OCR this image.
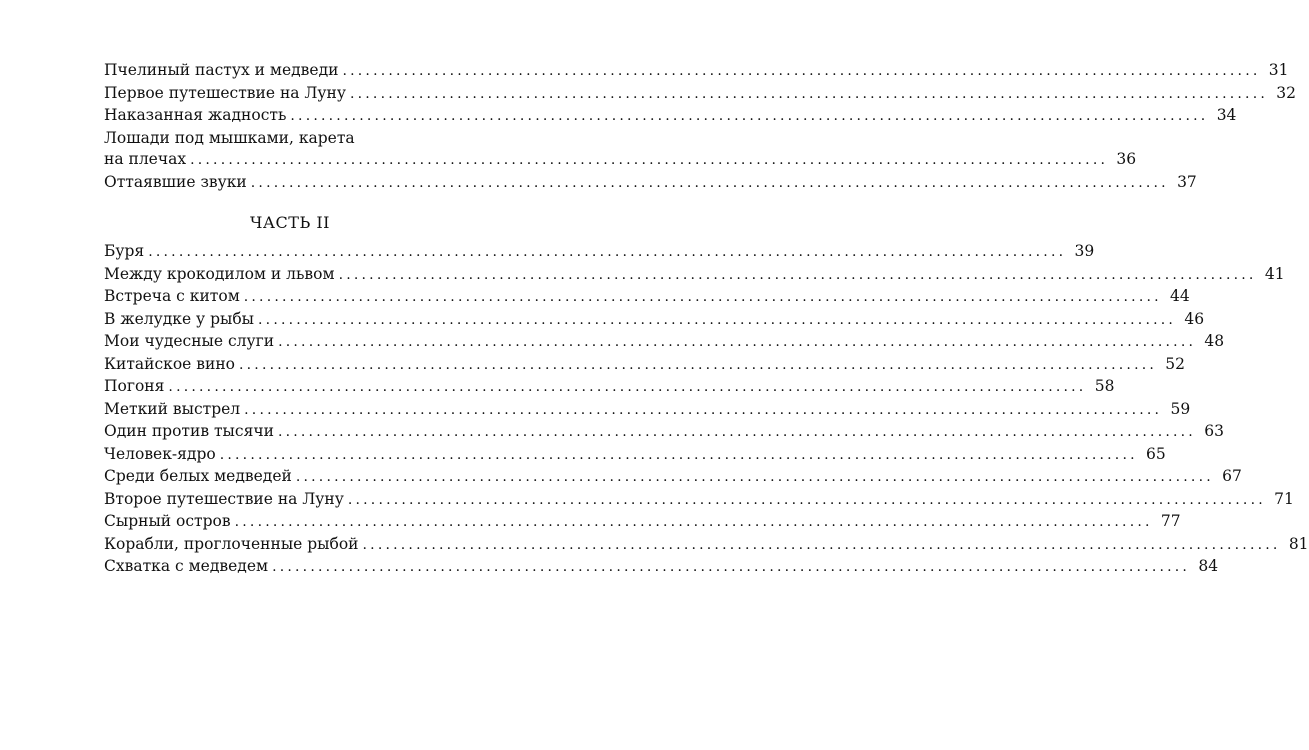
Пчелиный пастух и медведи ........................................................................................................................ 31
Первое путешествие на Луну ........................................................................................................................ 32
Наказанная жадность ........................................................................................................................ 34
Лошади под мышками, карета
на плечах ........................................................................................................................ 36
Оттаявшие звуки ........................................................................................................................ 37
ЧАСТЬ II
Буря ........................................................................................................................ 39
Между крокодилом и львом ........................................................................................................................ 41
Встреча с китом ........................................................................................................................ 44
В желудке у рыбы ........................................................................................................................ 46
Мои чудесные слуги ........................................................................................................................ 48
Китайское вино ........................................................................................................................ 52
Погоня ........................................................................................................................ 58
Меткий выстрел ........................................................................................................................ 59
Один против тысячи ........................................................................................................................ 63
Человек-ядро ........................................................................................................................ 65
Среди белых медведей ........................................................................................................................ 67
Второе путешествие на Луну ........................................................................................................................ 71
Сырный остров ........................................................................................................................ 77
Корабли, проглоченные рыбой ........................................................................................................................ 81
Схватка с медведем ........................................................................................................................ 84
